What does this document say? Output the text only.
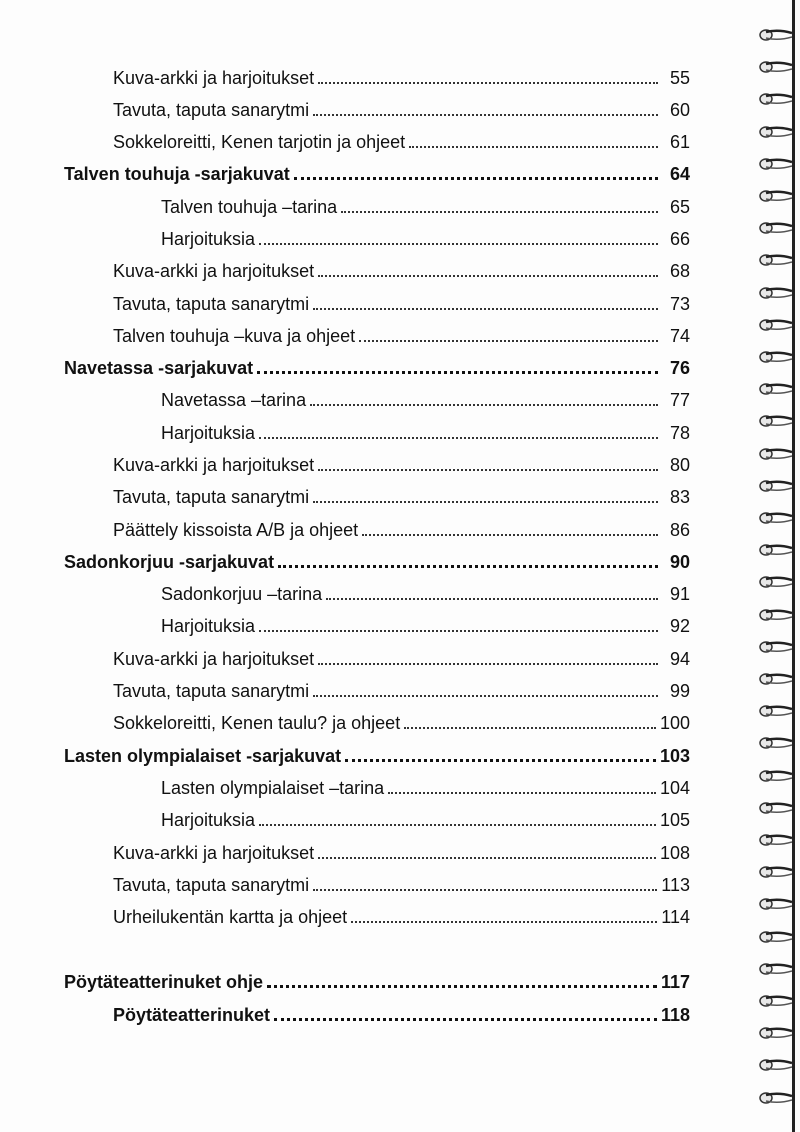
Kuva-arkki ja harjoitukset	55
Tavuta, taputa sanarytmi	60
Sokkeloreitti, Kenen tarjotin ja ohjeet	61
Talven touhuja -sarjakuvat	64
Talven touhuja –tarina	65
Harjoituksia	66
Kuva-arkki ja harjoitukset	68
Tavuta, taputa sanarytmi	73
Talven touhuja –kuva ja ohjeet	74
Navetassa -sarjakuvat	76
Navetassa –tarina	77
Harjoituksia	78
Kuva-arkki ja harjoitukset	80
Tavuta, taputa sanarytmi	83
Päättely kissoista A/B ja ohjeet	86
Sadonkorjuu -sarjakuvat	90
Sadonkorjuu –tarina	91
Harjoituksia	92
Kuva-arkki ja harjoitukset	94
Tavuta, taputa sanarytmi	99
Sokkeloreitti, Kenen taulu? ja ohjeet	100
Lasten olympialaiset -sarjakuvat	103
Lasten olympialaiset –tarina	104
Harjoituksia	105
Kuva-arkki ja harjoitukset	108
Tavuta, taputa sanarytmi	113
Urheilukentän kartta ja ohjeet	114
Pöytäteatterinuket ohje	117
Pöytäteatterinuket	118
